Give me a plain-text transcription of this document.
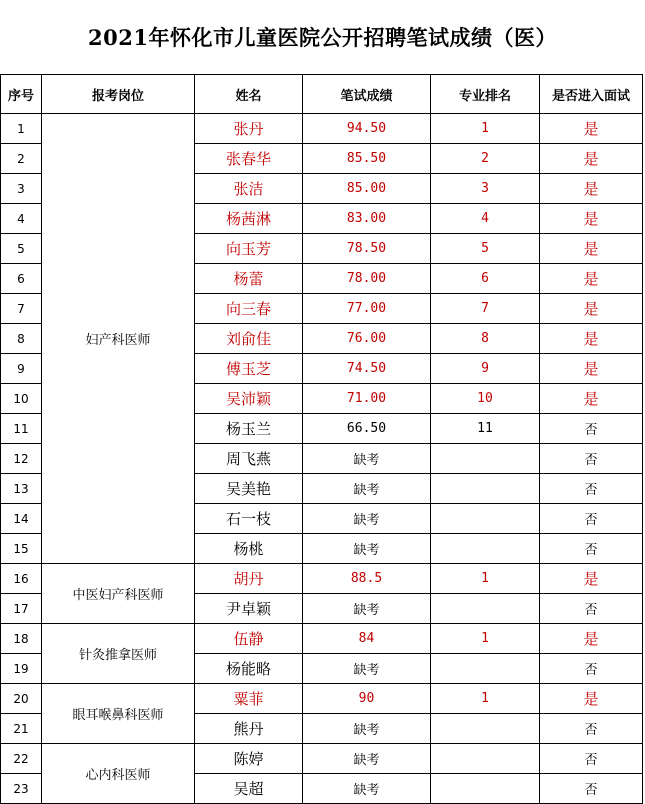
2021年怀化市儿童医院公开招聘笔试成绩（医）
序号	报考岗位	姓名	笔试成绩	专业排名	是否进入面试
1	妇产科医师	张丹	94.50	1	是
2		张春华	85.50	2	是
3		张洁	85.00	3	是
4		杨茜淋	83.00	4	是
5		向玉芳	78.50	5	是
6		杨蕾	78.00	6	是
7		向三春	77.00	7	是
8		刘俞佳	76.00	8	是
9		傅玉芝	74.50	9	是
10		吴沛颖	71.00	10	是
11		杨玉兰	66.50	11	否
12		周飞燕	缺考		否
13		吴美艳	缺考		否
14		石一枝	缺考		否
15		杨桃	缺考		否
16	中医妇产科医师	胡丹	88.5	1	是
17		尹卓颖	缺考		否
18	针灸推拿医师	伍静	84	1	是
19		杨能略	缺考		否
20	眼耳喉鼻科医师	粟菲	90	1	是
21		熊丹	缺考		否
22	心内科医师	陈婷	缺考		否
23		吴超	缺考		否
